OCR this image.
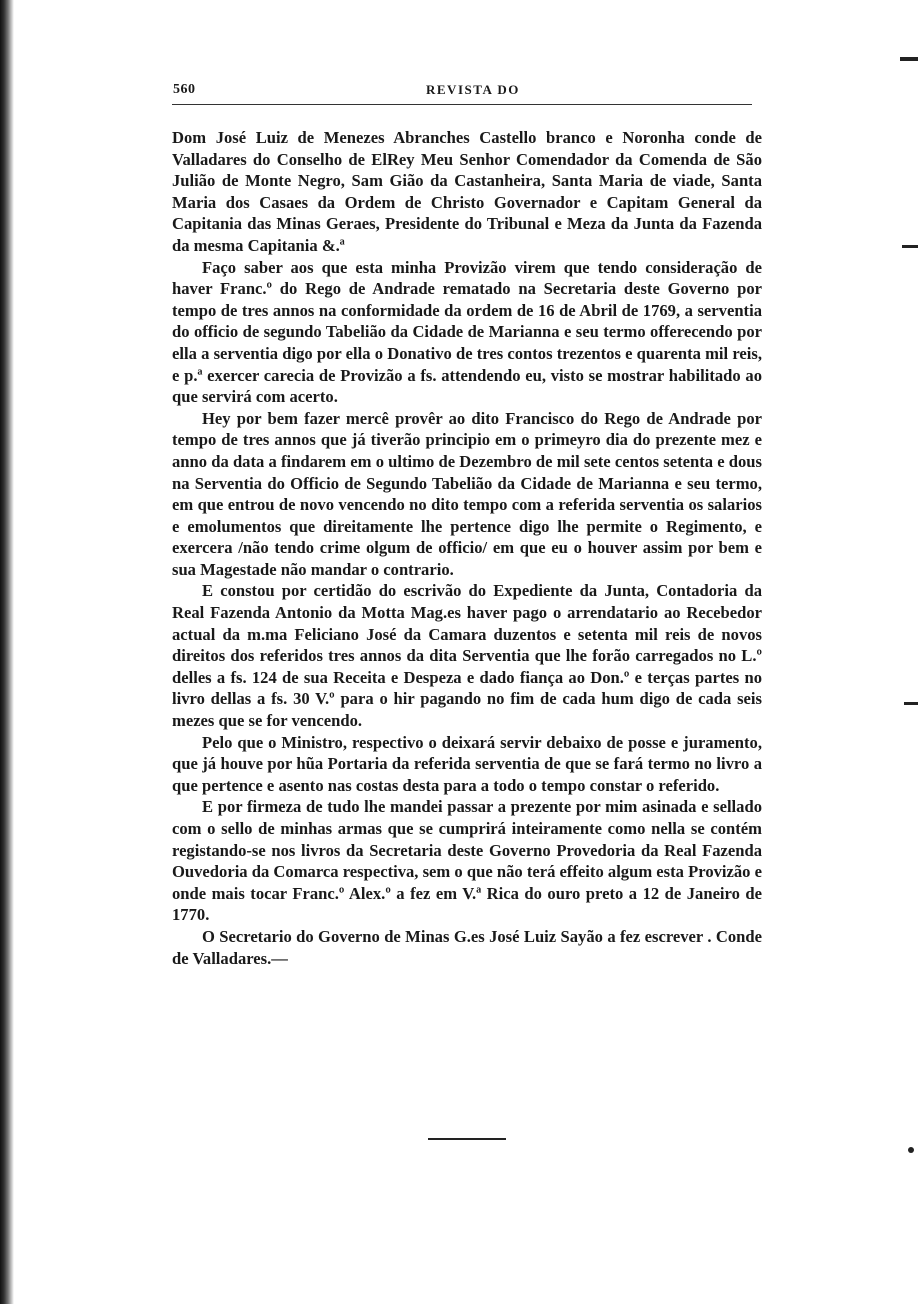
560	REVISTA DO

Dom José Luiz de Menezes Abranches Castello branco e Noronha conde de Valladares do Conselho de ElRey Meu Senhor Comendador da Comenda de São Julião de Monte Negro, Sam Gião da Castanheira, Santa Maria de viade, Santa Maria dos Casaes da Ordem de Christo Governador e Capitam General da Capitania das Minas Geraes, Presidente do Tribunal e Meza da Junta da Fazenda da mesma Capitania &.ª

Faço saber aos que esta minha Provizão virem que tendo consideração de haver Franc.º do Rego de Andrade rematado na Secretaria deste Governo por tempo de tres annos na conformidade da ordem de 16 de Abril de 1769, a serventia do officio de segundo Tabelião da Cidade de Marianna e seu termo offerecendo por ella a serventia digo por ella o Donativo de tres contos trezentos e quarenta mil reis, e p.ª exercer carecia de Provizão a fs. attendendo eu, visto se mostrar habilitado ao que servirá com acerto.

Hey por bem fazer mercê provêr ao dito Francisco do Rego de Andrade por tempo de tres annos que já tiverão principio em o primeyro dia do prezente mez e anno da data a findarem em o ultimo de Dezembro de mil sete centos setenta e dous na Serventia do Officio de Segundo Tabelião da Cidade de Marianna e seu termo, em que entrou de novo vencendo no dito tempo com a referida serventia os salarios e emolumentos que direitamente lhe pertence digo lhe permite o Regimento, e exercera /não tendo crime olgum de officio/ em que eu o houver assim por bem e sua Magestade não mandar o contrario.

E constou por certidão do escrivão do Expediente da Junta, Contadoria da Real Fazenda Antonio da Motta Mag.es haver pago o arrendatario ao Recebedor actual da m.ma Feliciano José da Camara duzentos e setenta mil reis de novos direitos dos referidos tres annos da dita Serventia que lhe forão carregados no L.º delles a fs. 124 de sua Receita e Despeza e dado fiança ao Don.º e terças partes no livro dellas a fs. 30 V.º para o hir pagando no fim de cada hum digo de cada seis mezes que se for vencendo.

Pelo que o Ministro, respectivo o deixará servir debaixo de posse e juramento, que já houve por hũa Portaria da referida serventia de que se fará termo no livro a que pertence e asento nas costas desta para a todo o tempo constar o referido.

E por firmeza de tudo lhe mandei passar a prezente por mim asinada e sellado com o sello de minhas armas que se cumprirá inteiramente como nella se contém registando-se nos livros da Secretaria deste Governo Provedoria da Real Fazenda Ouvedoria da Comarca respectiva, sem o que não terá effeito algum esta Provizão e onde mais tocar Franc.º Alex.º a fez em V.ª Rica do ouro preto a 12 de Janeiro de 1770.

O Secretario do Governo de Minas G.es José Luiz Sayão a fez escrever . Conde de Valladares.—
